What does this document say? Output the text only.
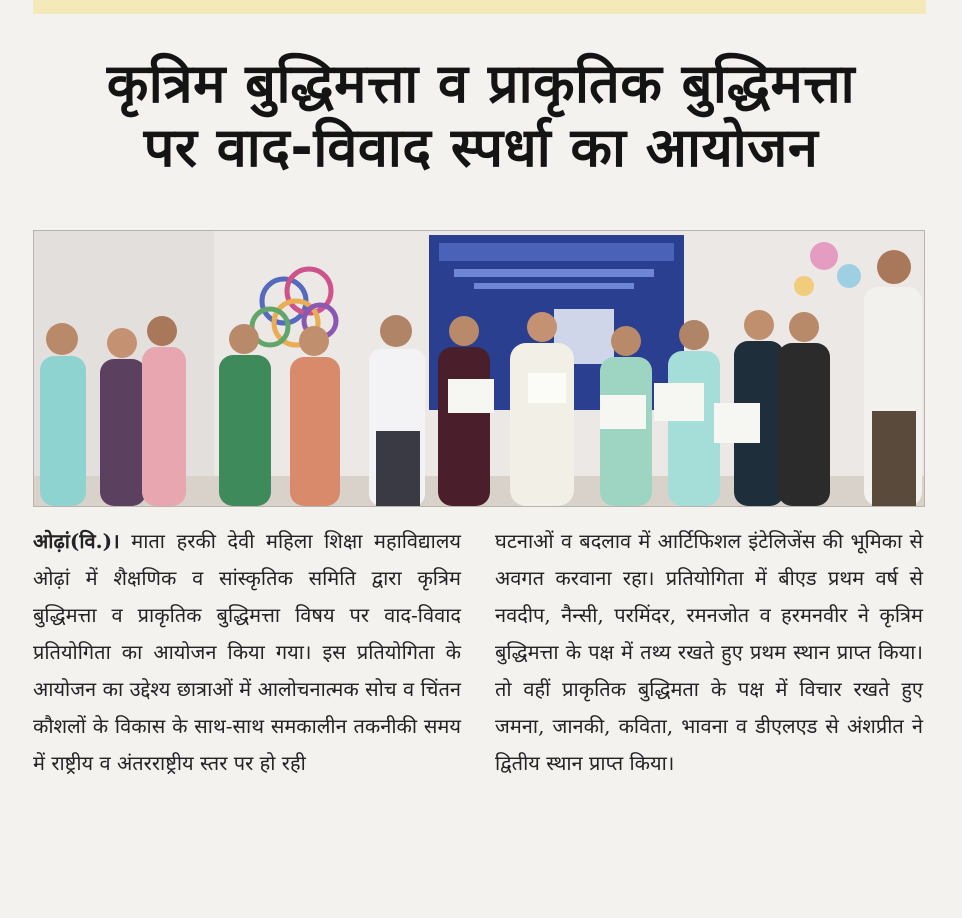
कृत्रिम बुद्धिमत्ता व प्राकृतिक बुद्धिमत्ता
पर वाद-विवाद स्पर्धा का आयोजन

ओढ़ां(वि.)। माता हरकी देवी महिला शिक्षा महाविद्यालय ओढ़ां में शैक्षणिक व सांस्कृतिक समिति द्वारा कृत्रिम बुद्धिमत्ता व प्राकृतिक बुद्धिमत्ता विषय पर वाद-विवाद प्रतियोगिता का आयोजन किया गया। इस प्रतियोगिता के आयोजन का उद्देश्य छात्राओं में आलोचनात्मक सोच व चिंतन कौशलों के विकास के साथ-साथ समकालीन तकनीकी समय में राष्ट्रीय व अंतरराष्ट्रीय स्तर पर हो रही

घटनाओं व बदलाव में आर्टिफिशल इंटेलिजेंस की भूमिका से अवगत करवाना रहा। प्रतियोगिता में बीएड प्रथम वर्ष से नवदीप, नैन्सी, परमिंदर, रमनजोत व हरमनवीर ने कृत्रिम बुद्धिमत्ता के पक्ष में तथ्य रखते हुए प्रथम स्थान प्राप्त किया। तो वहीं प्राकृतिक बुद्धिमता के पक्ष में विचार रखते हुए जमना, जानकी, कविता, भावना व डीएलएड से अंशप्रीत ने द्वितीय स्थान प्राप्त किया।
